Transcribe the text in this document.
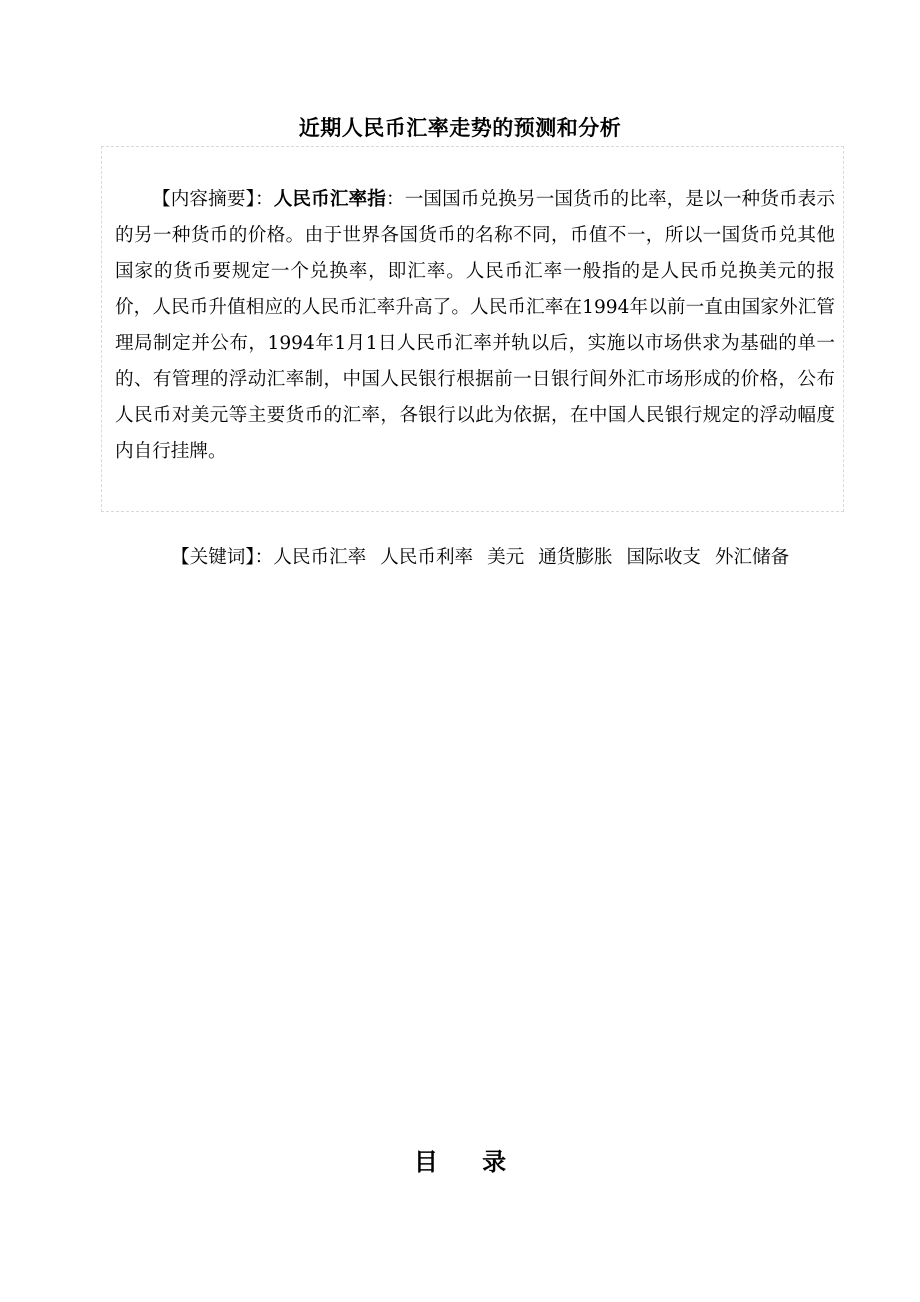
近期人民币汇率走势的预测和分析
【内容摘要】：人民币汇率指：一国国币兑换另一国货币的比率，是以一种货币表示的另一种货币的价格。由于世界各国货币的名称不同，币值不一，所以一国货币兑其他国家的货币要规定一个兑换率，即汇率。人民币汇率一般指的是人民币兑换美元的报价，人民币升值相应的人民币汇率升高了。人民币汇率在1994年以前一直由国家外汇管理局制定并公布，1994年1月1日人民币汇率并轨以后，实施以市场供求为基础的单一的、有管理的浮动汇率制，中国人民银行根据前一日银行间外汇市场形成的价格，公布人民币对美元等主要货币的汇率，各银行以此为依据，在中国人民银行规定的浮动幅度内自行挂牌。
【关键词】：人民币汇率 人民币利率 美元 通货膨胀 国际收支 外汇储备
目 录
